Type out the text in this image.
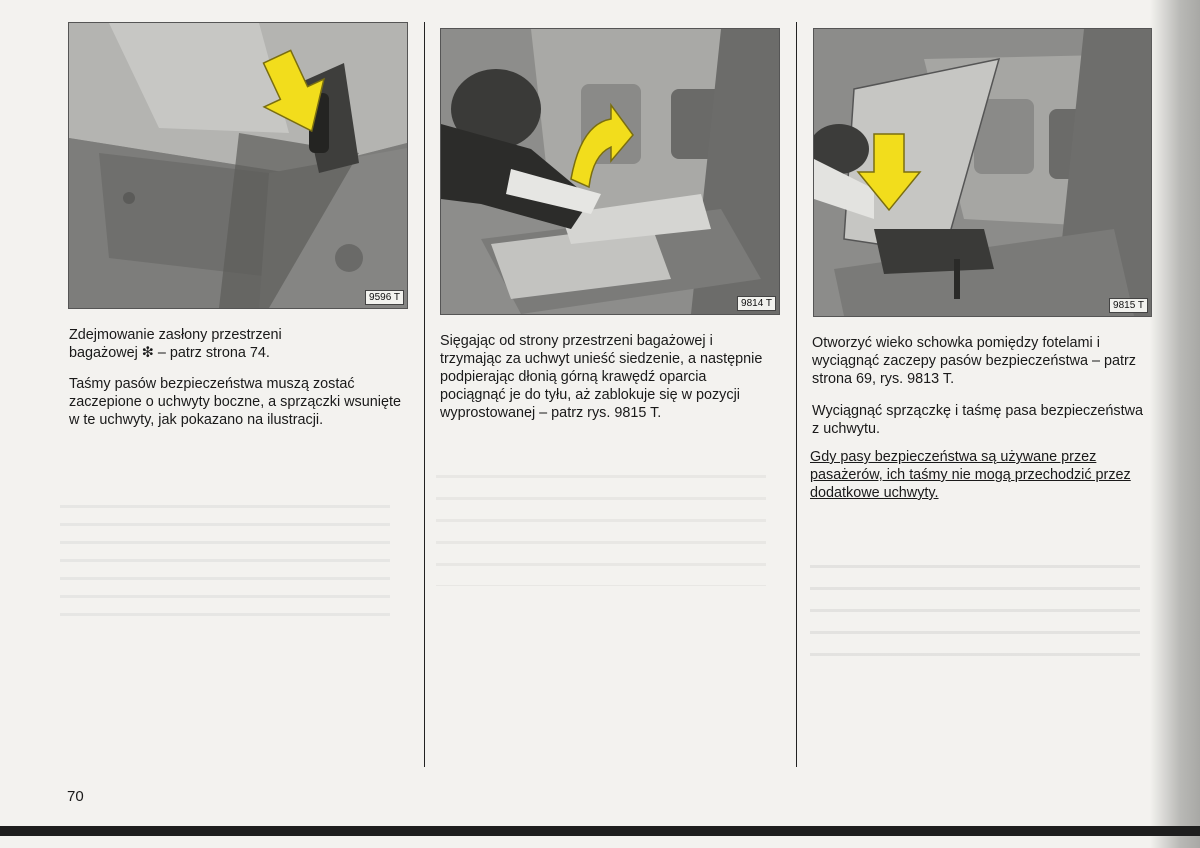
9596 T

Zdejmowanie zasłony przestrzeni bagażowej ❇ – patrz strona 74.

Taśmy pasów bezpieczeństwa muszą zostać zaczepione o uchwyty boczne, a sprzączki wsunięte w te uchwyty, jak pokazano na ilustracji.

9814 T

Sięgając od strony przestrzeni bagażowej i trzymając za uchwyt unieść siedzenie, a następnie podpierając dłonią górną krawędź oparcia pociągnąć je do tyłu, aż zablokuje się w pozycji wyprostowanej – patrz rys. 9815 T.

9815 T

Otworzyć wieko schowka pomiędzy fotelami i wyciągnąć zaczepy pasów bezpieczeństwa – patrz strona 69, rys. 9813 T.

Wyciągnąć sprzączkę i taśmę pasa bezpieczeństwa z uchwytu.

Gdy pasy bezpieczeństwa są używane przez pasażerów, ich taśmy nie mogą przechodzić przez dodatkowe uchwyty.

70
